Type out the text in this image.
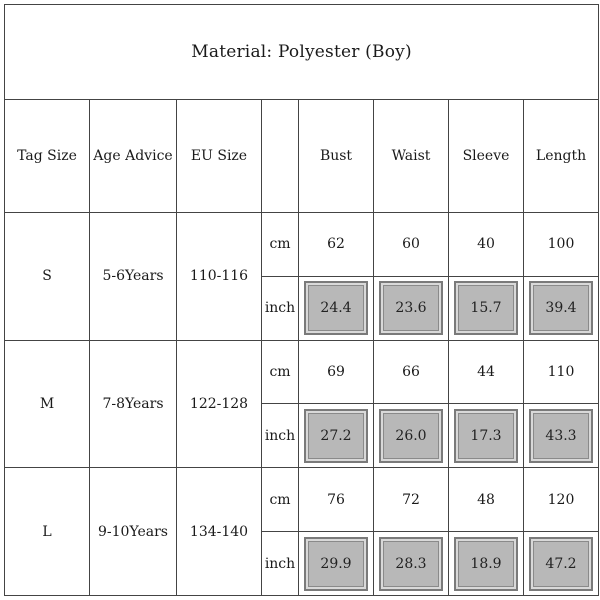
Material: Polyester (Boy)							
Tag Size	Age Advice	EU Size		Bust	Waist	Sleeve	Length
S	5-6Years	110-116	cm	62	60	40	100
			inch	24.4	23.6	15.7	39.4

M	7-8Years	122-128	cm	69	66	44	110
			inch	27.2	26.0	17.3	43.3

L	9-10Years	134-140	cm	76	72	48	120
			inch	29.9	28.3	18.9	47.2
